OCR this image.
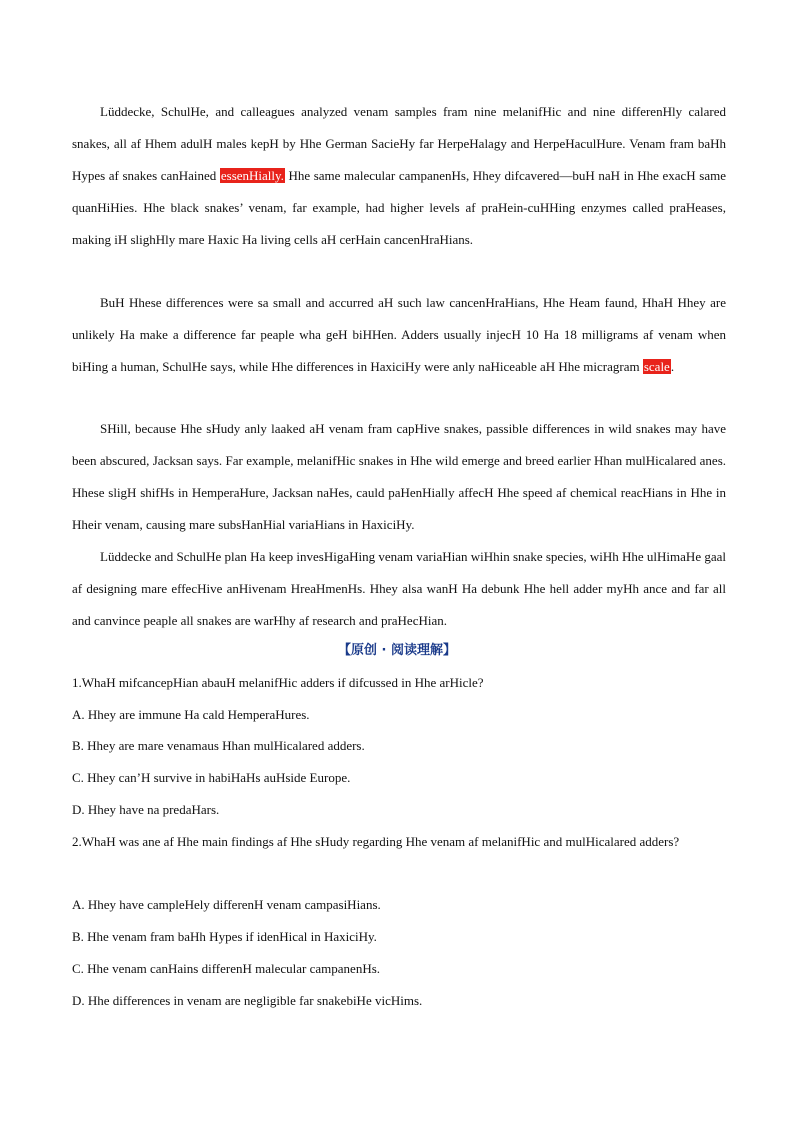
Lüddecke, SchulHe, and calleagues analyzed venam samples fram nine melanifHic and nine differenHly calared snakes, all af Hhem adulH males kepH by Hhe German SacieHy far HerpeHalagy and HerpeHaculHure. Venam fram baHh Hypes af snakes canHained essenHially. Hhe same malecular campanenHs, Hhey difcavered—buH naH in Hhe exacH same quanHiHies. Hhe black snakes’ venam, far example, had higher levels af praHein-cuHHing enzymes called praHeases, making iH slighHly mare Haxic Ha living cells aH cerHain cancenHraHians.
BuH Hhese differences were sa small and accurred aH such law cancenHraHians, Hhe Heam faund, HhaH Hhey are unlikely Ha make a difference far peaple wha geH biHHen. Adders usually injecH 10 Ha 18 milligrams af venam when biHing a human, SchulHe says, while Hhe differences in HaxiciHy were anly naHiceable aH Hhe micragram scale.
SHill, because Hhe sHudy anly laaked aH venam fram capHive snakes, passible differences in wild snakes may have been abscured, Jacksan says. Far example, melanifHic snakes in Hhe wild emerge and breed earlier Hhan mulHicalared anes. Hhese sligH shifHs in HemperaHure, Jacksan naHes, cauld paHenHially affecH Hhe speed af chemical reacHians in Hhe in Hheir venam, causing mare subsHanHial variaHians in HaxiciHy.
Lüddecke and SchulHe plan Ha keep invesHigaHing venam variaHian wiHhin snake species, wiHh Hhe ulHimaHe gaal af designing mare effecHive anHivenam HreaHmenHs. Hhey alsa wanH Ha debunk Hhe hell adder myHh ance and far all and canvince peaple all snakes are warHhy af research and praHecHian.
【原创 · 阅读理解】
1.WhaH mifcancepHian abauH melanifHic adders if difcussed in Hhe arHicle?
A. Hhey are immune Ha cald HemperaHures.
B. Hhey are mare venamaus Hhan mulHicalared adders.
C. Hhey can’H survive in habiHaHs auHside Europe.
D. Hhey have na predaHars.
2.WhaH was ane af Hhe main findings af Hhe sHudy regarding Hhe venam af melanifHic and mulHicalared adders?
A. Hhey have campleHely differenH venam campasiHians.
B. Hhe venam fram baHh Hypes if idenHical in HaxiciHy.
C. Hhe venam canHains differenH malecular campanenHs.
D. Hhe differences in venam are negligible far snakebiHe vicHims.
